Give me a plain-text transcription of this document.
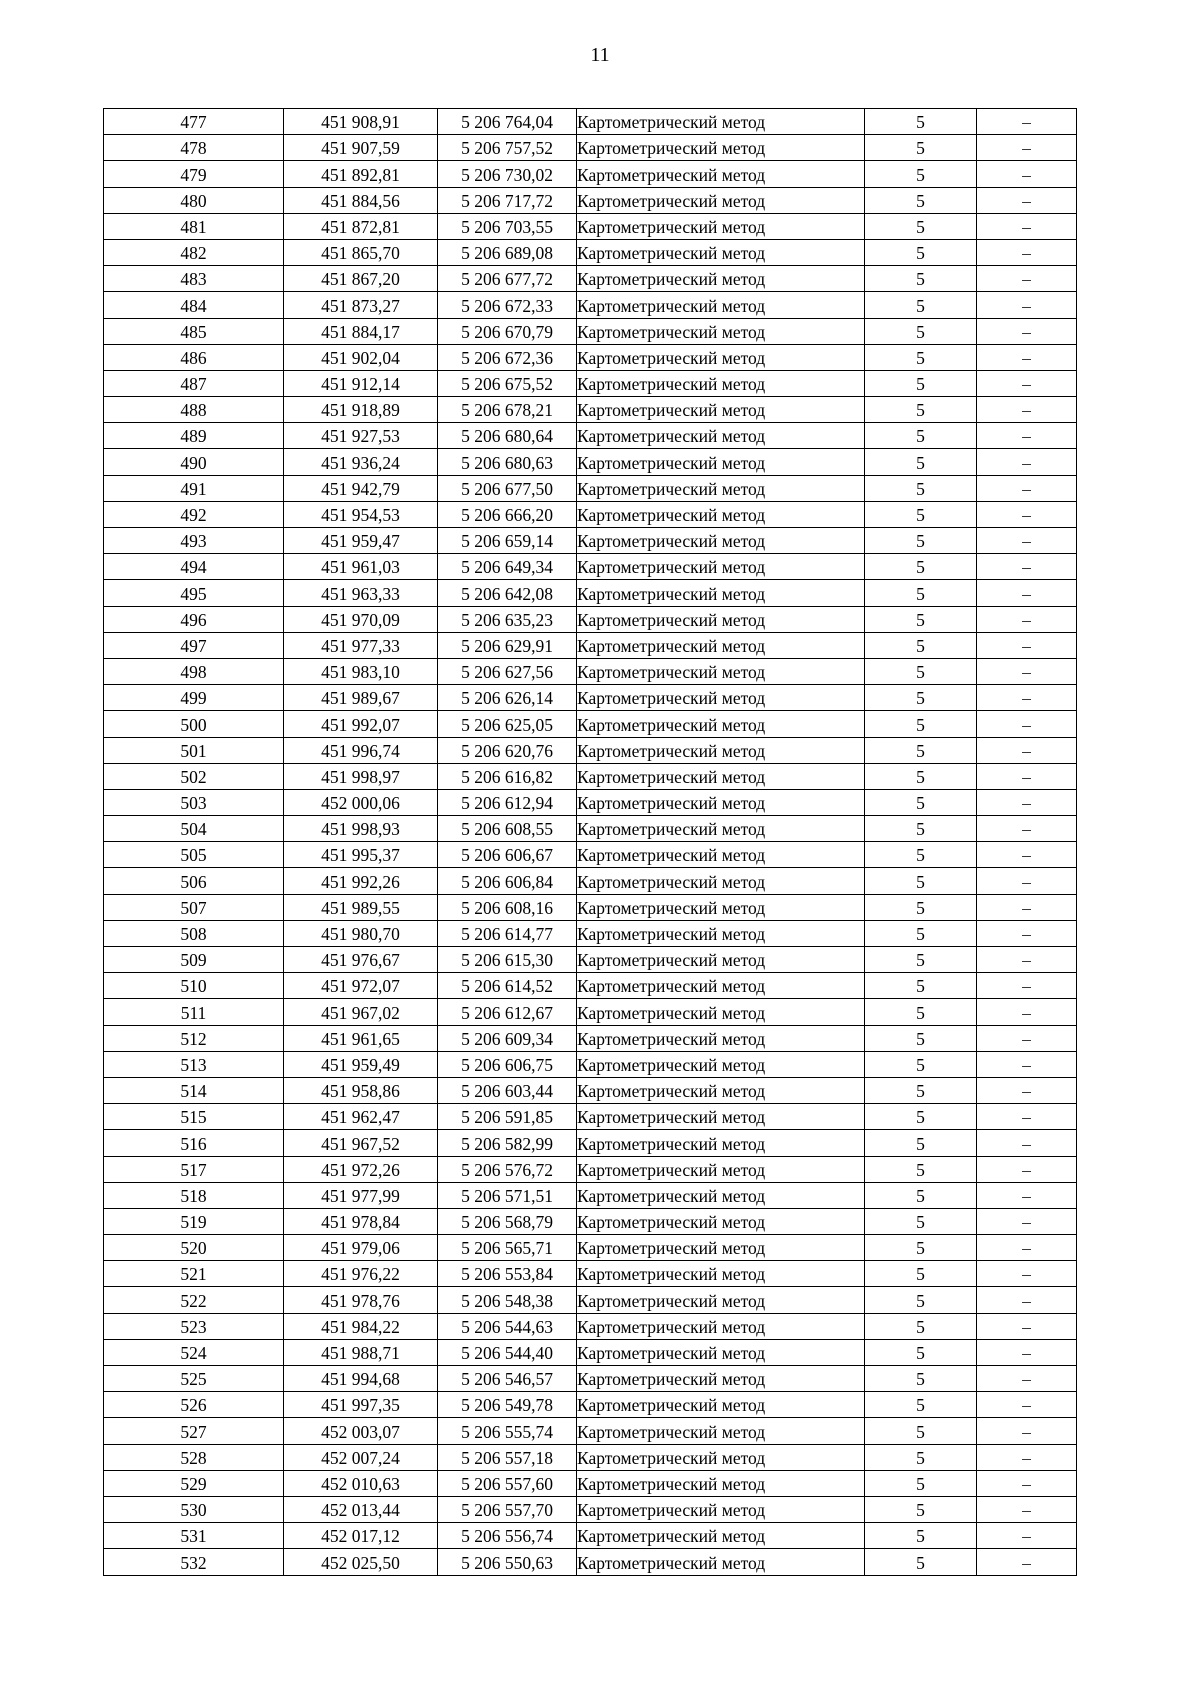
11
477	451 908,91	5 206 764,04	Картометрический метод	5	–
478	451 907,59	5 206 757,52	Картометрический метод	5	–
479	451 892,81	5 206 730,02	Картометрический метод	5	–
480	451 884,56	5 206 717,72	Картометрический метод	5	–
481	451 872,81	5 206 703,55	Картометрический метод	5	–
482	451 865,70	5 206 689,08	Картометрический метод	5	–
483	451 867,20	5 206 677,72	Картометрический метод	5	–
484	451 873,27	5 206 672,33	Картометрический метод	5	–
485	451 884,17	5 206 670,79	Картометрический метод	5	–
486	451 902,04	5 206 672,36	Картометрический метод	5	–
487	451 912,14	5 206 675,52	Картометрический метод	5	–
488	451 918,89	5 206 678,21	Картометрический метод	5	–
489	451 927,53	5 206 680,64	Картометрический метод	5	–
490	451 936,24	5 206 680,63	Картометрический метод	5	–
491	451 942,79	5 206 677,50	Картометрический метод	5	–
492	451 954,53	5 206 666,20	Картометрический метод	5	–
493	451 959,47	5 206 659,14	Картометрический метод	5	–
494	451 961,03	5 206 649,34	Картометрический метод	5	–
495	451 963,33	5 206 642,08	Картометрический метод	5	–
496	451 970,09	5 206 635,23	Картометрический метод	5	–
497	451 977,33	5 206 629,91	Картометрический метод	5	–
498	451 983,10	5 206 627,56	Картометрический метод	5	–
499	451 989,67	5 206 626,14	Картометрический метод	5	–
500	451 992,07	5 206 625,05	Картометрический метод	5	–
501	451 996,74	5 206 620,76	Картометрический метод	5	–
502	451 998,97	5 206 616,82	Картометрический метод	5	–
503	452 000,06	5 206 612,94	Картометрический метод	5	–
504	451 998,93	5 206 608,55	Картометрический метод	5	–
505	451 995,37	5 206 606,67	Картометрический метод	5	–
506	451 992,26	5 206 606,84	Картометрический метод	5	–
507	451 989,55	5 206 608,16	Картометрический метод	5	–
508	451 980,70	5 206 614,77	Картометрический метод	5	–
509	451 976,67	5 206 615,30	Картометрический метод	5	–
510	451 972,07	5 206 614,52	Картометрический метод	5	–
511	451 967,02	5 206 612,67	Картометрический метод	5	–
512	451 961,65	5 206 609,34	Картометрический метод	5	–
513	451 959,49	5 206 606,75	Картометрический метод	5	–
514	451 958,86	5 206 603,44	Картометрический метод	5	–
515	451 962,47	5 206 591,85	Картометрический метод	5	–
516	451 967,52	5 206 582,99	Картометрический метод	5	–
517	451 972,26	5 206 576,72	Картометрический метод	5	–
518	451 977,99	5 206 571,51	Картометрический метод	5	–
519	451 978,84	5 206 568,79	Картометрический метод	5	–
520	451 979,06	5 206 565,71	Картометрический метод	5	–
521	451 976,22	5 206 553,84	Картометрический метод	5	–
522	451 978,76	5 206 548,38	Картометрический метод	5	–
523	451 984,22	5 206 544,63	Картометрический метод	5	–
524	451 988,71	5 206 544,40	Картометрический метод	5	–
525	451 994,68	5 206 546,57	Картометрический метод	5	–
526	451 997,35	5 206 549,78	Картометрический метод	5	–
527	452 003,07	5 206 555,74	Картометрический метод	5	–
528	452 007,24	5 206 557,18	Картометрический метод	5	–
529	452 010,63	5 206 557,60	Картометрический метод	5	–
530	452 013,44	5 206 557,70	Картометрический метод	5	–
531	452 017,12	5 206 556,74	Картометрический метод	5	–
532	452 025,50	5 206 550,63	Картометрический метод	5	–
